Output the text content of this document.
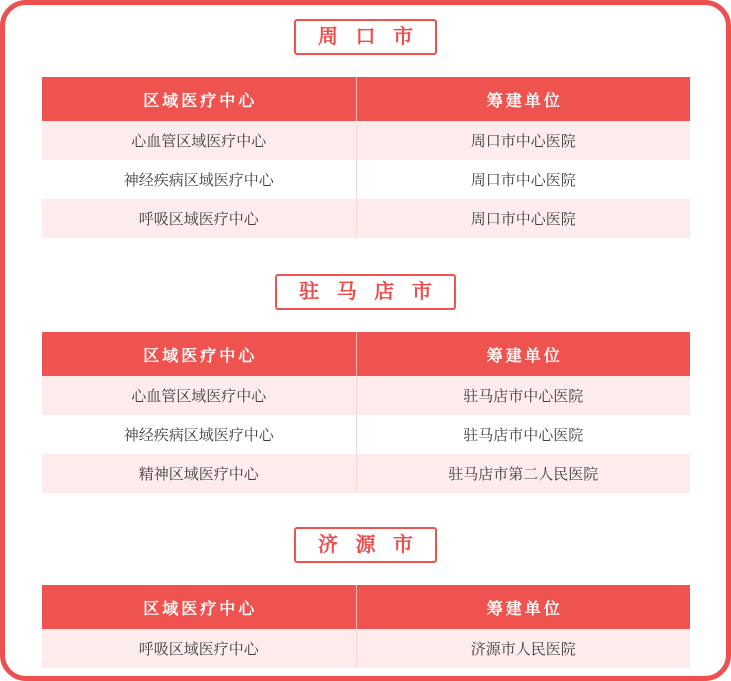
周 口 市
区域医疗中心	筹建单位
心血管区域医疗中心	周口市中心医院
神经疾病区域医疗中心	周口市中心医院
呼吸区域医疗中心	周口市中心医院
驻 马 店 市
区域医疗中心	筹建单位
心血管区域医疗中心	驻马店市中心医院
神经疾病区域医疗中心	驻马店市中心医院
精神区域医疗中心	驻马店市第二人民医院
济 源 市
区域医疗中心	筹建单位
呼吸区域医疗中心	济源市人民医院
